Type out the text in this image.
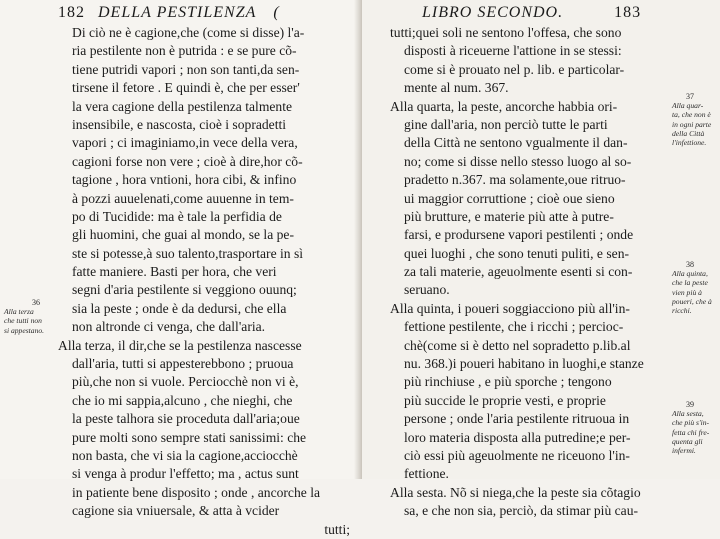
182 DELLA PESTILENZA (
Di ciò ne è cagione,che (come si disse) l'a-
ria pestilente non è putrida : e se pure cõ-
tiene putridi vapori ; non son tanti,da sen-
tirsene il fetore . E quindi è, che per esser'
la vera cagione della pestilenza talmente
insensibile, e nascosta, cioè i sopradetti
vapori ; ci imaginiamo,in vece della vera,
cagioni forse non vere ; cioè à dire,hor cõ-
tagione , hora vntioni, hora cibi, & infino
à pozzi auuelenati,come auuenne in tem-
po di Tucidide: ma è tale la perfidia de
gli huomini, che guai al mondo, se la pe-
ste si potesse,à suo talento,trasportare in sì
fatte maniere. Basti per hora, che veri
segni d'aria pestilente si veggiono ouunq;
sia la peste ; onde è da dedursi, che ella
non altronde ci venga, che dall'aria.
Alla terza, il dir,che se la pestilenza nascesse
dall'aria, tutti si appesterebbono ; pruoua
più,che non si vuole. Perciocchè non vi è,
che io mi sappia,alcuno , che nieghi, che
la peste talhora sie proceduta dall'aria;oue
pure molti sono sempre stati sanissimi: che
non basta, che vi sia la cagione,acciocchè
si venga à produr l'effetto; ma , actus sunt
in patiente bene disposito ; onde , ancorche la
cagione sia vniuersale, & atta à vcider
tutti;
36
Alla terza
che tutti non
si appestano.
LIBRO SECONDO.	183
tutti;quei soli ne sentono l'offesa, che sono
disposti à riceuerne l'attione in se stessi:
come si è prouato nel p. lib. e particolar-
mente al num. 367.
Alla quarta, la peste, ancorche habbia ori-
gine dall'aria, non perciò tutte le parti
della Città ne sentono vgualmente il dan-
no; come si disse nello stesso luogo al so-
pradetto n.367. ma solamente,oue ritruo-
ui maggior corruttione ; cioè oue sieno
più brutture, e materie più atte à putre-
farsi, e prodursene vapori pestilenti ; onde
quei luoghi , che sono tenuti puliti, e sen-
za tali materie, ageuolmente esenti si con-
seruano.
Alla quinta, i poueri soggiacciono più all'in-
fettione pestilente, che i ricchi ; percioc-
chè(come si è detto nel sopradetto p.lib.al
nu. 368.)i poueri habitano in luoghi,e stanze
più rinchiuse , e più sporche ; tengono
più succide le proprie vesti, e proprie
persone ; onde l'aria pestilente ritruoua in
loro materia disposta alla putredine;e per-
ciò essi più ageuolmente ne riceuono l'in-
fettione.
Alla sesta. Nõ si niega,che la peste sia cõtagio
sa, e che non sia, perciò, da stimar più cau-
37
Alla quar-
ta, che non è
in ogni parte
della Città
l'infettione.
38
Alla quinta,
che la peste
vien più à
poueri, che à
ricchi.
39
Alla sesta,
che più s'in-
fetta chi fre-
quenta gli
infermi.
